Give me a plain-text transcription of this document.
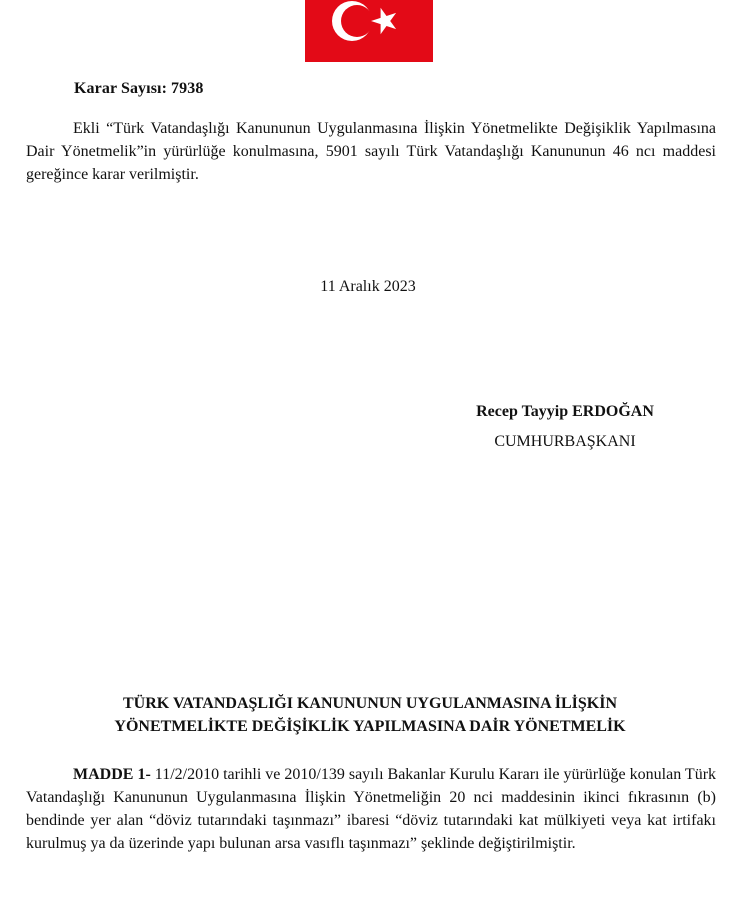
Karar Sayısı: 7938

Ekli “Türk Vatandaşlığı Kanununun Uygulanmasına İlişkin Yönetmelikte Değişiklik Yapılmasına Dair Yönetmelik”in yürürlüğe konulmasına, 5901 sayılı Türk Vatandaşlığı Kanununun 46 ncı maddesi gereğince karar verilmiştir.

11 Aralık 2023
Recep Tayyip ERDOĞAN
CUMHURBAŞKANI
TÜRK VATANDAŞLIĞI KANUNUNUN UYGULANMASINA İLİŞKİN
YÖNETMELİKTE DEĞİŞİKLİK YAPILMASINA DAİR YÖNETMELİK

MADDE 1- 11/2/2010 tarihli ve 2010/139 sayılı Bakanlar Kurulu Kararı ile yürürlüğe konulan Türk Vatandaşlığı Kanununun Uygulanmasına İlişkin Yönetmeliğin 20 nci maddesinin ikinci fıkrasının (b) bendinde yer alan “döviz tutarındaki taşınmazı” ibaresi “döviz tutarındaki kat mülkiyeti veya kat irtifakı kurulmuş ya da üzerinde yapı bulunan arsa vasıflı taşınmazı” şeklinde değiştirilmiştir.
